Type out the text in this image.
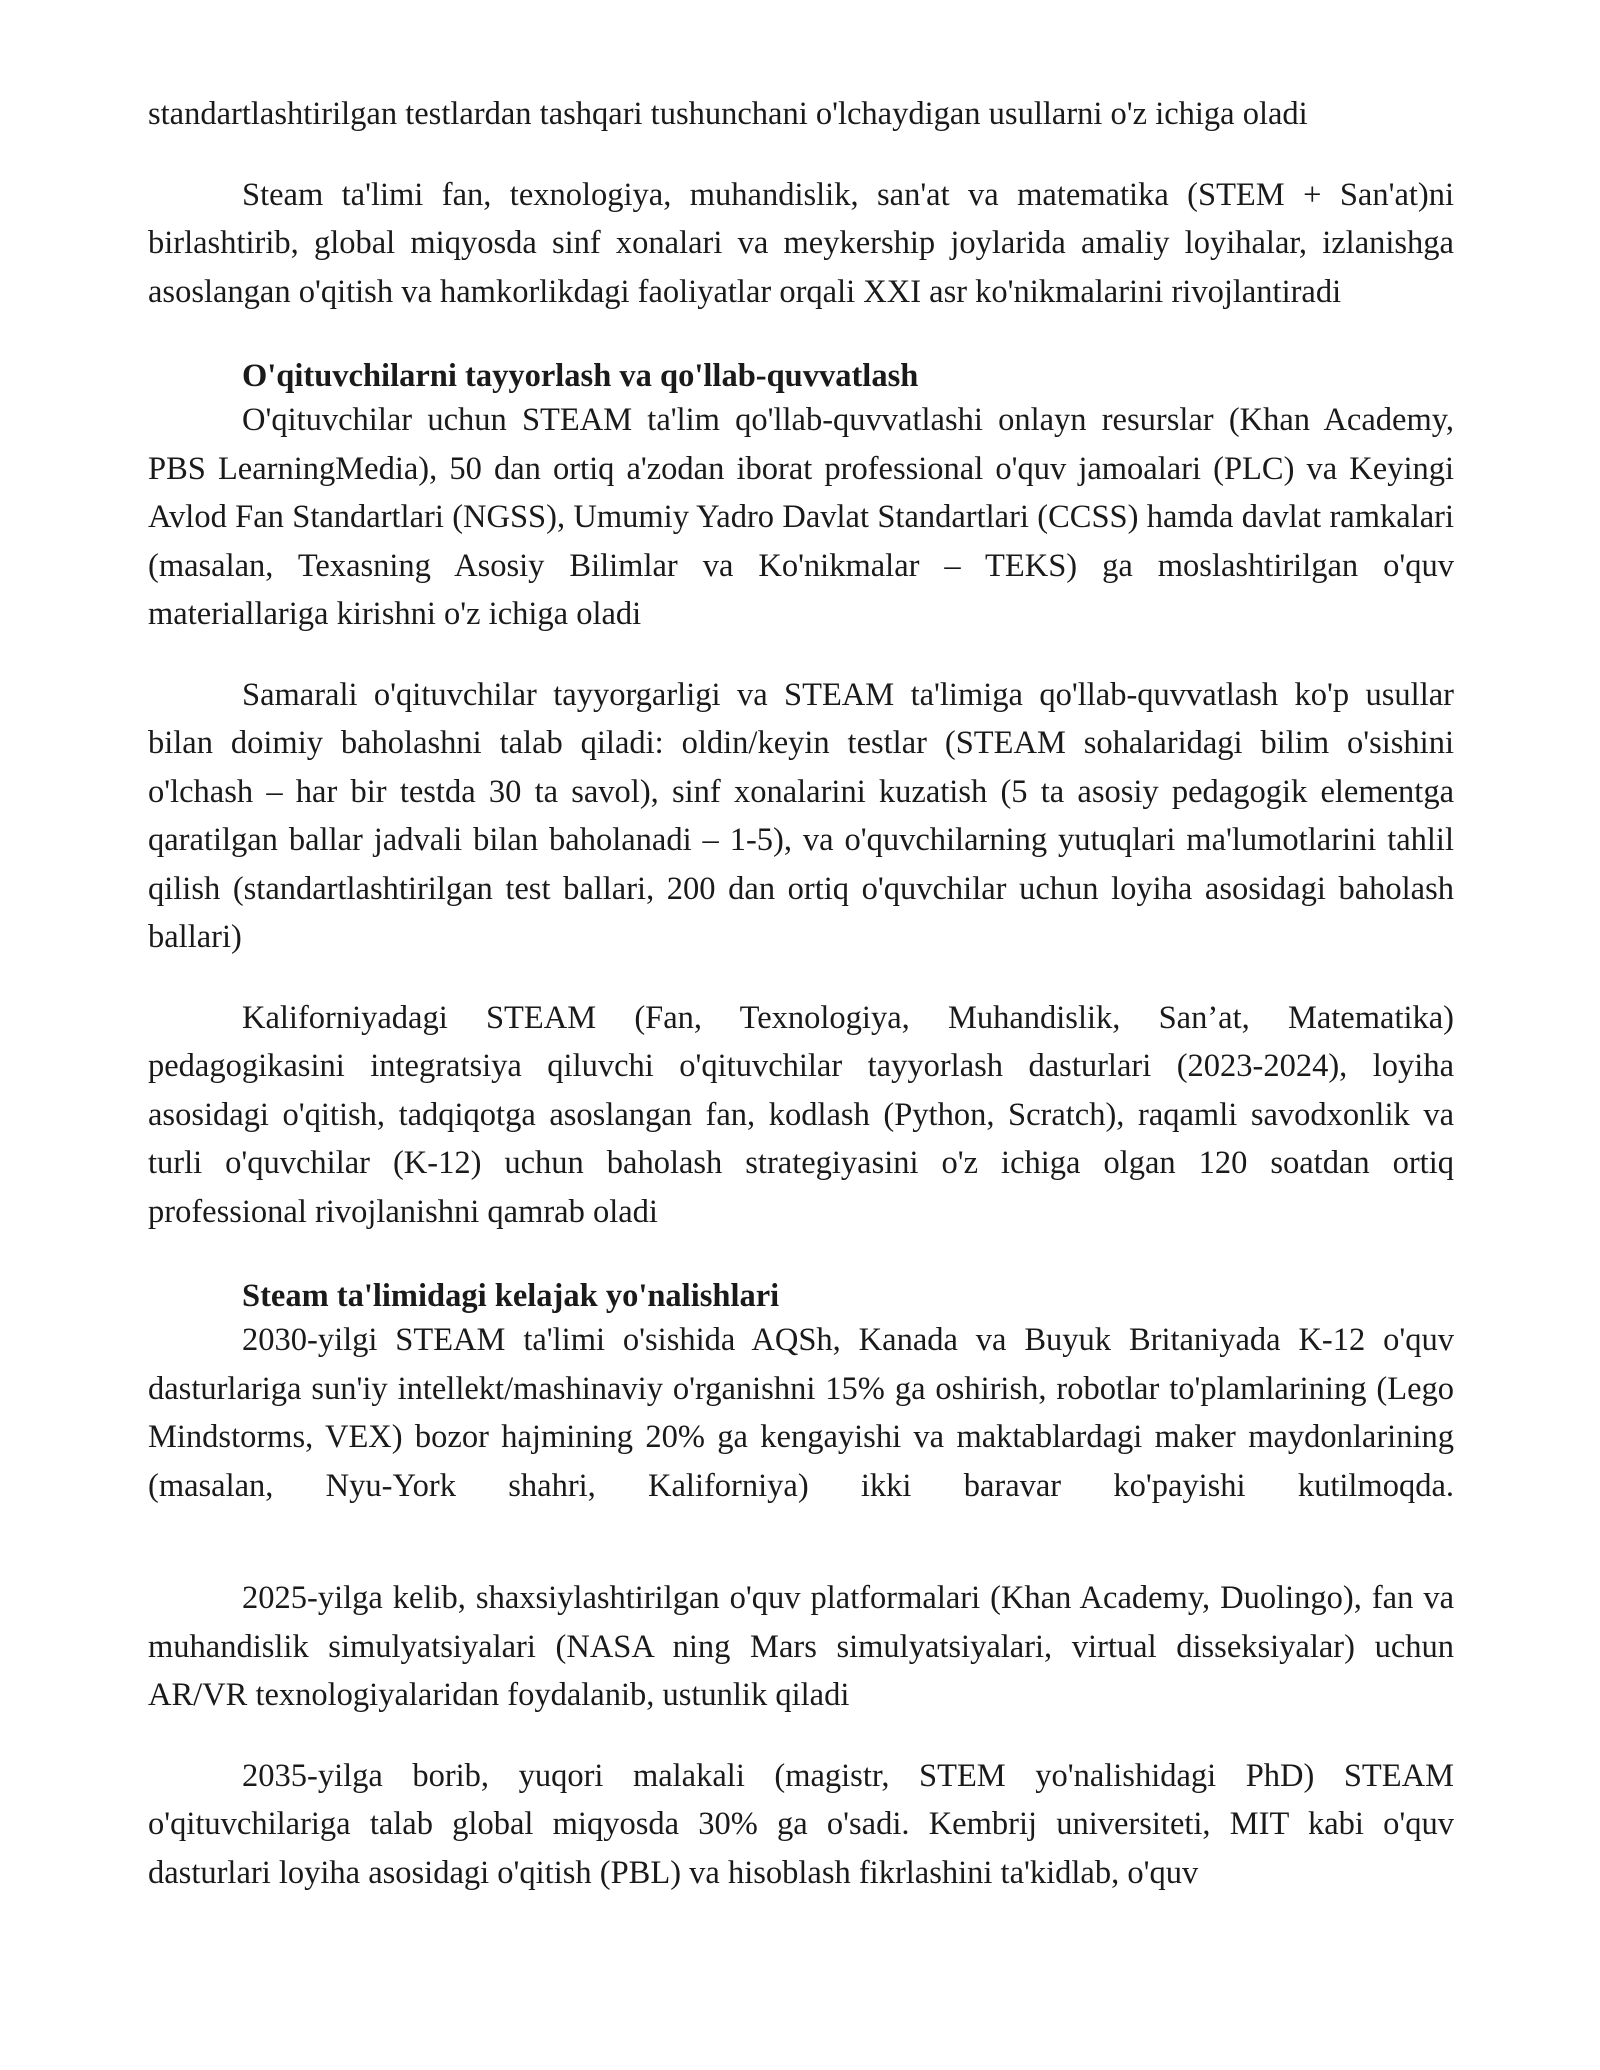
standartlashtirilgan testlardan tashqari tushunchani o'lchaydigan usullarni o'z ichiga oladi

Steam ta'limi fan, texnologiya, muhandislik, san'at va matematika (STEM + San'at)ni birlashtirib, global miqyosda sinf xonalari va meykership joylarida amaliy loyihalar, izlanishga asoslangan o'qitish va hamkorlikdagi faoliyatlar orqali XXI asr ko'nikmalarini rivojlantiradi

O'qituvchilarni tayyorlash va qo'llab-quvvatlash

O'qituvchilar uchun STEAM ta'lim qo'llab-quvvatlashi onlayn resurslar (Khan Academy, PBS LearningMedia), 50 dan ortiq a'zodan iborat professional o'quv jamoalari (PLC) va Keyingi Avlod Fan Standartlari (NGSS), Umumiy Yadro Davlat Standartlari (CCSS) hamda davlat ramkalari (masalan, Texasning Asosiy Bilimlar va Ko'nikmalar – TEKS) ga moslashtirilgan o'quv materiallariga kirishni o'z ichiga oladi

Samarali o'qituvchilar tayyorgarligi va STEAM ta'limiga qo'llab-quvvatlash ko'p usullar bilan doimiy baholashni talab qiladi: oldin/keyin testlar (STEAM sohalaridagi bilim o'sishini o'lchash – har bir testda 30 ta savol), sinf xonalarini kuzatish (5 ta asosiy pedagogik elementga qaratilgan ballar jadvali bilan baholanadi – 1-5), va o'quvchilarning yutuqlari ma'lumotlarini tahlil qilish (standartlashtirilgan test ballari, 200 dan ortiq o'quvchilar uchun loyiha asosidagi baholash ballari)

Kaliforniyadagi STEAM (Fan, Texnologiya, Muhandislik, San’at, Matematika) pedagogikasini integratsiya qiluvchi o'qituvchilar tayyorlash dasturlari (2023-2024), loyiha asosidagi o'qitish, tadqiqotga asoslangan fan, kodlash (Python, Scratch), raqamli savodxonlik va turli o'quvchilar (K-12) uchun baholash strategiyasini o'z ichiga olgan 120 soatdan ortiq professional rivojlanishni qamrab oladi

Steam ta'limidagi kelajak yo'nalishlari

2030-yilgi STEAM ta'limi o'sishida AQSh, Kanada va Buyuk Britaniyada K-12 o'quv dasturlariga sun'iy intellekt/mashinaviy o'rganishni 15% ga oshirish, robotlar to'plamlarining (Lego Mindstorms, VEX) bozor hajmining 20% ga kengayishi va maktablardagi maker maydonlarining (masalan, Nyu-York shahri, Kaliforniya) ikki baravar ko'payishi kutilmoqda.

2025-yilga kelib, shaxsiylashtirilgan o'quv platformalari (Khan Academy, Duolingo), fan va muhandislik simulyatsiyalari (NASA ning Mars simulyatsiyalari, virtual disseksiyalar) uchun AR/VR texnologiyalaridan foydalanib, ustunlik qiladi

2035-yilga borib, yuqori malakali (magistr, STEM yo'nalishidagi PhD) STEAM o'qituvchilariga talab global miqyosda 30% ga o'sadi. Kembrij universiteti, MIT kabi o'quv dasturlari loyiha asosidagi o'qitish (PBL) va hisoblash fikrlashini ta'kidlab, o'quv
